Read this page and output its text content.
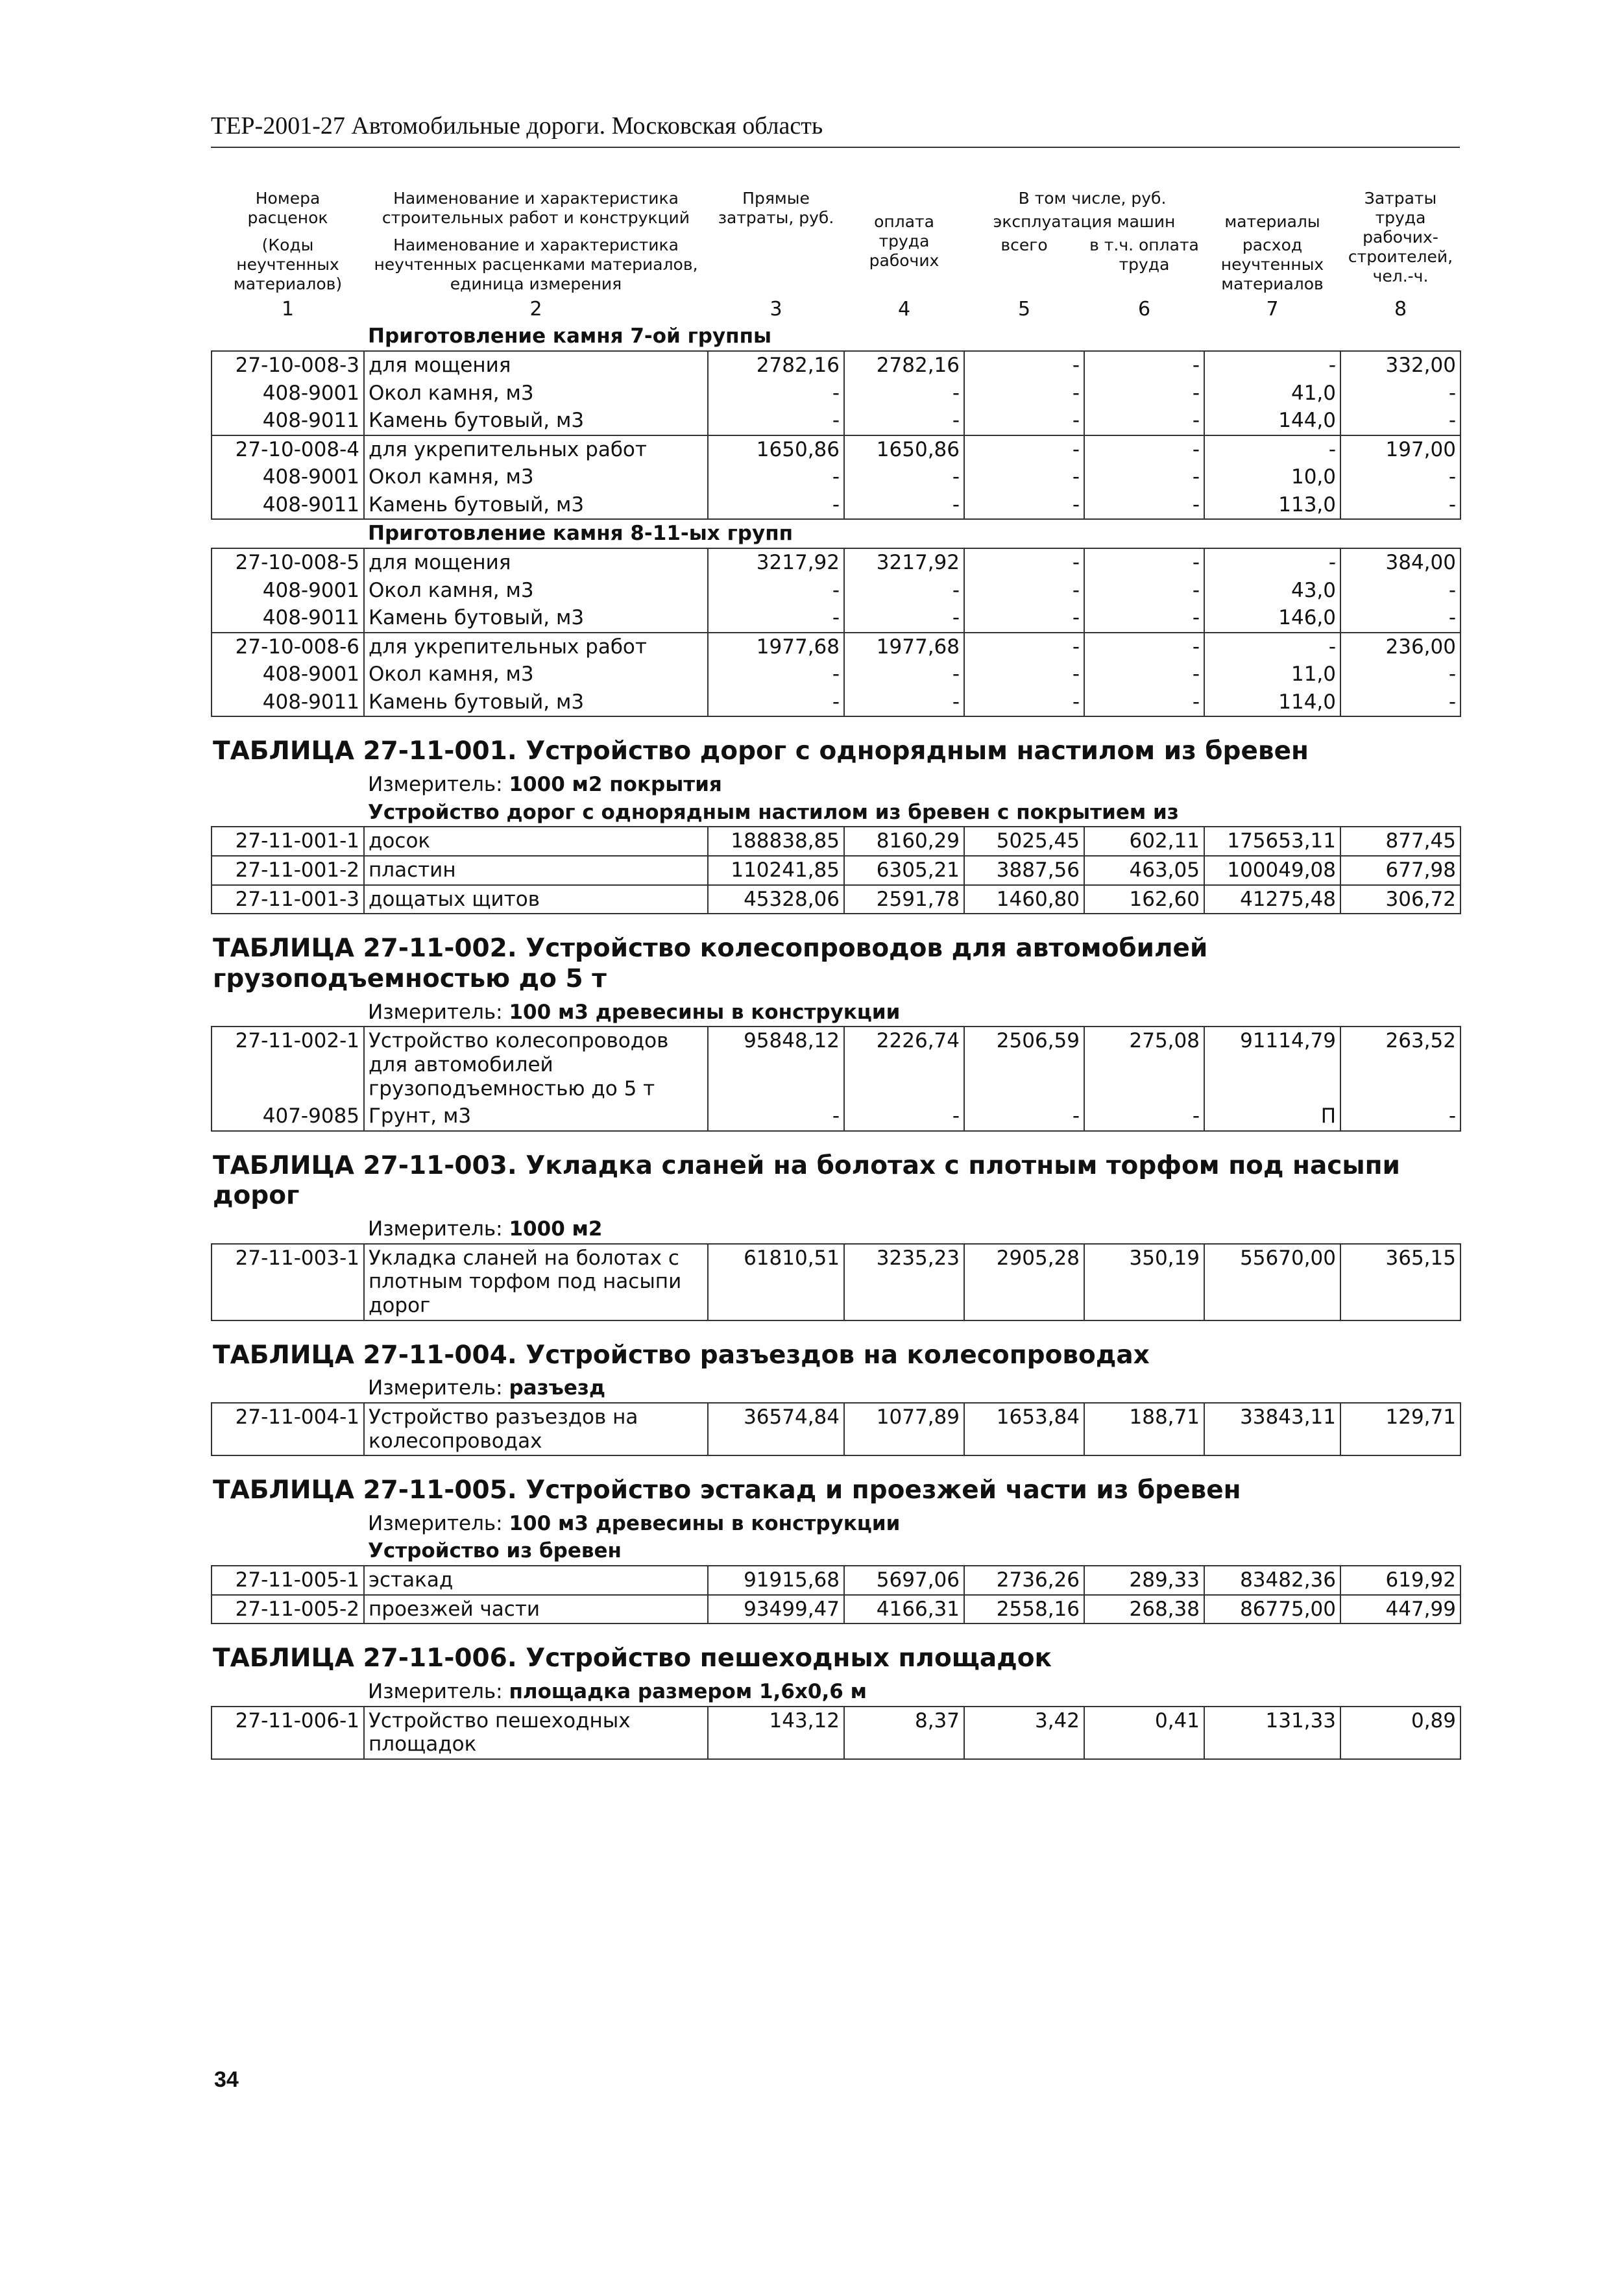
ТЕР-2001-27 Автомобильные дороги. Московская область
Номера расценок	Наименование и характеристика строительных работ и конструкций	Прямые затраты, руб.	В том числе, руб.				Затраты труда рабочих-строителей, чел.-ч.
			оплата труда рабочих	эксплуатация машин		материалы	
(Коды неучтенных материалов)	Наименование и характеристика неучтенных расценками материалов, единица измерения			всего	в т.ч. оплата труда	расход неучтенных материалов	

1	2	3	4	5	6	7	8
	Приготовление камня 7-ой группы						
27-10-008-3	для мощения	2782,16	2782,16	-	-	-	332,00
408-9001	Окол камня, м3	-	-	-	-	41,0	-
408-9011	Камень бутовый, м3	-	-	-	-	144,0	-
27-10-008-4	для укрепительных работ	1650,86	1650,86	-	-	-	197,00
408-9001	Окол камня, м3	-	-	-	-	10,0	-
408-9011	Камень бутовый, м3	-	-	-	-	113,0	-
	Приготовление камня 8-11-ых групп						
27-10-008-5	для мощения	3217,92	3217,92	-	-	-	384,00
408-9001	Окол камня, м3	-	-	-	-	43,0	-
408-9011	Камень бутовый, м3	-	-	-	-	146,0	-
27-10-008-6	для укрепительных работ	1977,68	1977,68	-	-	-	236,00
408-9001	Окол камня, м3	-	-	-	-	11,0	-
408-9011	Камень бутовый, м3	-	-	-	-	114,0	-
ТАБЛИЦА 27-11-001. Устройство дорог с однорядным настилом из бревен							
	Измеритель: 1000 м2 покрытия						
	Устройство дорог с однорядным настилом из бревен с покрытием из						
27-11-001-1	досок	188838,85	8160,29	5025,45	602,11	175653,11	877,45
27-11-001-2	пластин	110241,85	6305,21	3887,56	463,05	100049,08	677,98
27-11-001-3	дощатых щитов	45328,06	2591,78	1460,80	162,60	41275,48	306,72
ТАБЛИЦА 27-11-002. Устройство колесопроводов для автомобилей грузоподъемностью до 5 т							
	Измеритель: 100 м3 древесины в конструкции						
27-11-002-1	Устройство колесопроводов для автомобилей грузоподъемностью до 5 т	95848,12	2226,74	2506,59	275,08	91114,79	263,52
407-9085	Грунт, м3	-	-	-	-	П	-
ТАБЛИЦА 27-11-003. Укладка сланей на болотах с плотным торфом под насыпи дорог							
	Измеритель: 1000 м2						
27-11-003-1	Укладка сланей на болотах с плотным торфом под насыпи дорог	61810,51	3235,23	2905,28	350,19	55670,00	365,15
ТАБЛИЦА 27-11-004. Устройство разъездов на колесопроводах							
	Измеритель: разъезд						
27-11-004-1	Устройство разъездов на колесопроводах	36574,84	1077,89	1653,84	188,71	33843,11	129,71
ТАБЛИЦА 27-11-005. Устройство эстакад и проезжей части из бревен							
	Измеритель: 100 м3 древесины в конструкции						
	Устройство из бревен						
27-11-005-1	эстакад	91915,68	5697,06	2736,26	289,33	83482,36	619,92
27-11-005-2	проезжей части	93499,47	4166,31	2558,16	268,38	86775,00	447,99
ТАБЛИЦА 27-11-006. Устройство пешеходных площадок							
	Измеритель: площадка размером 1,6х0,6 м						
27-11-006-1	Устройство пешеходных площадок	143,12	8,37	3,42	0,41	131,33	0,89
34
